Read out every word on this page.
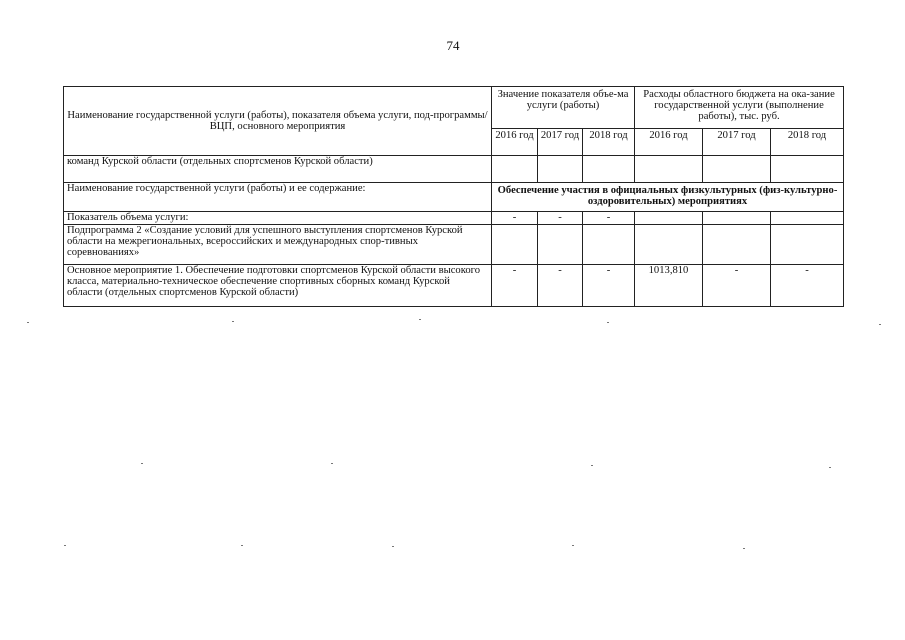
74
Наименование государственной услуги (работы), показателя объема услуги, под-программы/ВЦП, основного мероприятия	Значение показателя объе-ма услуги (работы)			Расходы областного бюджета на ока-зание государственной услуги (выполнение работы), тыс. руб.		
	2016 год	2017 год	2018 год	2016 год	2017 год	2018 год
команд Курской области (отдельных спортсменов Курской области)						
Наименование государственной услуги (работы) и ее содержание:	Обеспечение участия в официальных физкультурных (физ-культурно-оздоровительных) мероприятиях					
Показатель объема услуги:	-	-	-			
Подпрограмма 2 «Создание условий для успешного выступления спортсменов Курской области на межрегиональных, всероссийских и международных спор-тивных соревнованиях»						
Основное мероприятие 1. Обеспечение подготовки спортсменов Курской области высокого класса, материально-техническое обеспечение спортивных сборных команд Курской области (отдельных спортсменов Курской области)	-	-	-	1013,810	-	-
